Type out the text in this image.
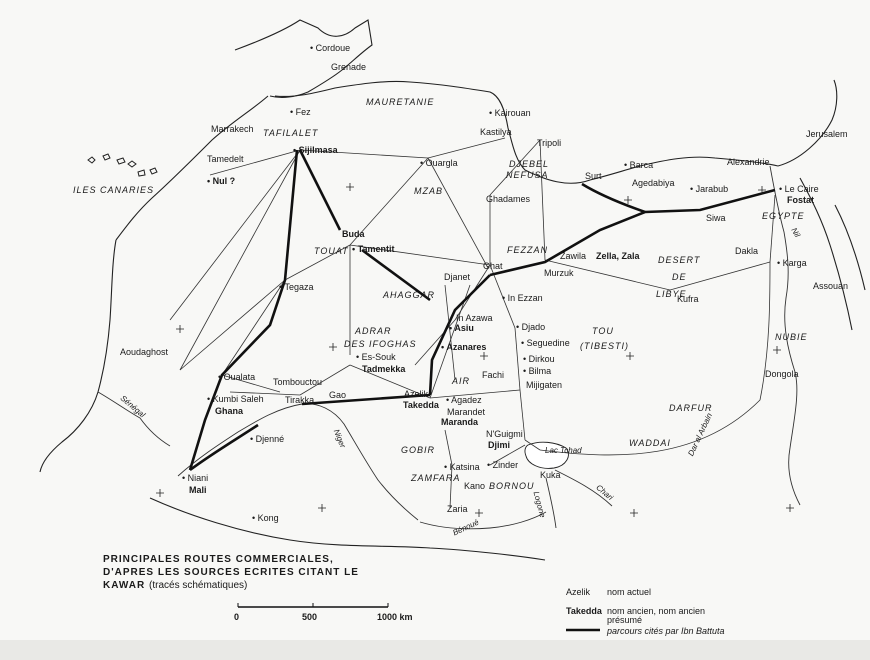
MAURETANIE
TAFILALET
ILES CANARIES	MZAB
DJEBEL
NEFUSA
TOUAT	FEZZAN
DESERT
DE
LIBYE
EGYPTE
AHAGGAR
ADRAR
DES IFOGHAS
TOU
(TIBESTI)
NUBIE
AIR
DARFUR
WADDAI
GOBIR
ZAMFARA
BORNOU
Nil
Sénégal
Niger
Bénoué
Logone	Chari
Lac Tchad	Dar al Arbain
• Cordoue
Grenade
• Fez
Marrakech
• Sijilmasa
Tamedelt
• Nul ?
• Kairouan
Kastilya
Tripoli
Jerusalem
• Ouargla
Ghadames
Surt
• Barca
Agedabiya
• Jarabub
Alexandrie
• Le Caire
Fostat
Siwa
Buda
• Tamentit
Ghat
Zawila Zella, Zala
Murzuk
Djanet
• In Ezzan
Dakla
• Karga
Assouan
Kufra
• Tegaza
In Azawa
• Asiu	• Djado
• Seguedine
• Azanares
• Dirkou
• Bilma
Mijigaten
Fachi
Aoudaghost	• Es-Souk
Tadmekka
• Oualata Tombouctou
• Kumbi Saleh
Ghana
Tirakka Gao	Azelik
Takedda • Agadez
Marandet
Maranda
Dongola
• Djenné	N'Guigmi
Djimi
• Niani
Mali
• Katsina • Zinder
Kuka
Kano
Zaria
• Kong
PRINCIPALES ROUTES COMMERCIALES,
D'APRES LES SOURCES ECRITES CITANT LE
KAWAR (tracés schématiques)
0	500	1000 km
Azelik nom actuel
Takedda nom ancien, nom ancien
présumé
parcours cités par Ibn Battuta
